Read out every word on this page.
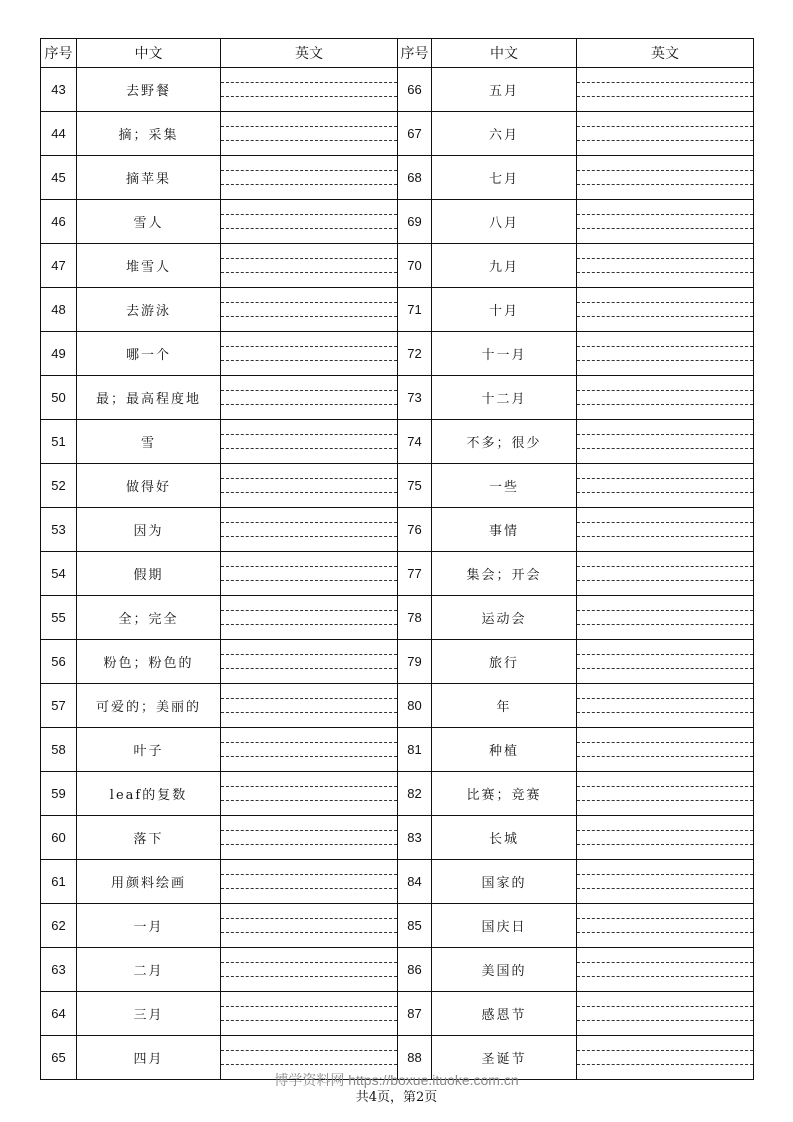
序号	中文	英文	序号	中文	英文
43	去野餐		66	五月	

44	摘；采集		67	六月	

45	摘苹果		68	七月	

46	雪人		69	八月	

47	堆雪人		70	九月	

48	去游泳		71	十月	

49	哪一个		72	十一月	

50	最；最高程度地		73	十二月	

51	雪		74	不多；很少	

52	做得好		75	一些	

53	因为		76	事情	

54	假期		77	集会；开会	

55	全；完全		78	运动会	

56	粉色；粉色的		79	旅行	

57	可爱的；美丽的		80	年	

58	叶子		81	种植	

59	leaf的复数		82	比赛；竞赛	

60	落下		83	长城	

61	用颜料绘画		84	国家的	

62	一月		85	国庆日	

63	二月		86	美国的	

64	三月		87	感恩节	

65	四月		88	圣诞节	
博学资料网 https://boxue.ituoke.com.cn
共4页，第2页
